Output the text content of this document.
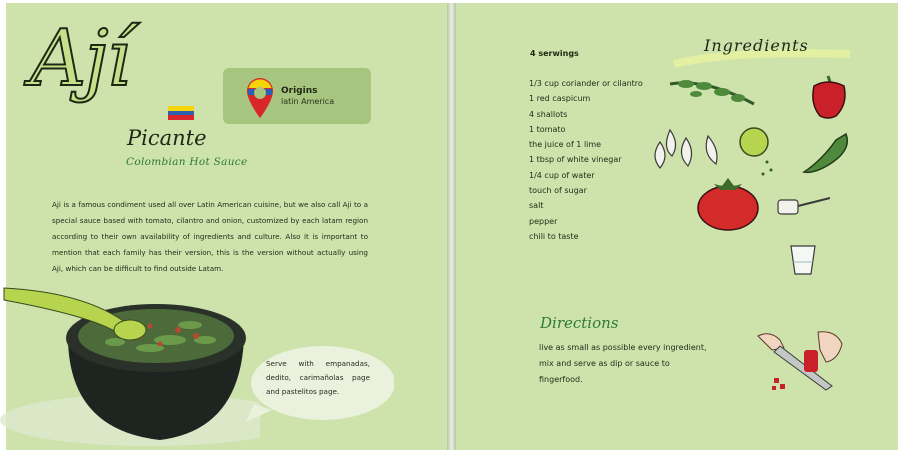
Ají
Picante
Colombian Hot Sauce
Origins
latin America
Aji is a famous condiment used all over Latin American cuisine, but we also call Aji to a special sauce based with tomato, cilantro and onion, customized by each latam region according to their own availability of ingredients and culture. Also it is important to mention that each family has their version, this is the version without actually using Aji, which can be difficult to find outside Latam.
Serve with empanadas, dedito, carimañolas page and pastelitos page.
4 serwings
1/3 cup coriander or cilantro
1 red caspicum
4 shallots
1 tomato
the juice of 1 lime
1 tbsp of white vinegar
1/4 cup of water
touch of sugar
salt
pepper
chili to taste
Ingredients
Directions
live as small as possible every ingredient, mix and serve as dip or sauce to fingerfood.
